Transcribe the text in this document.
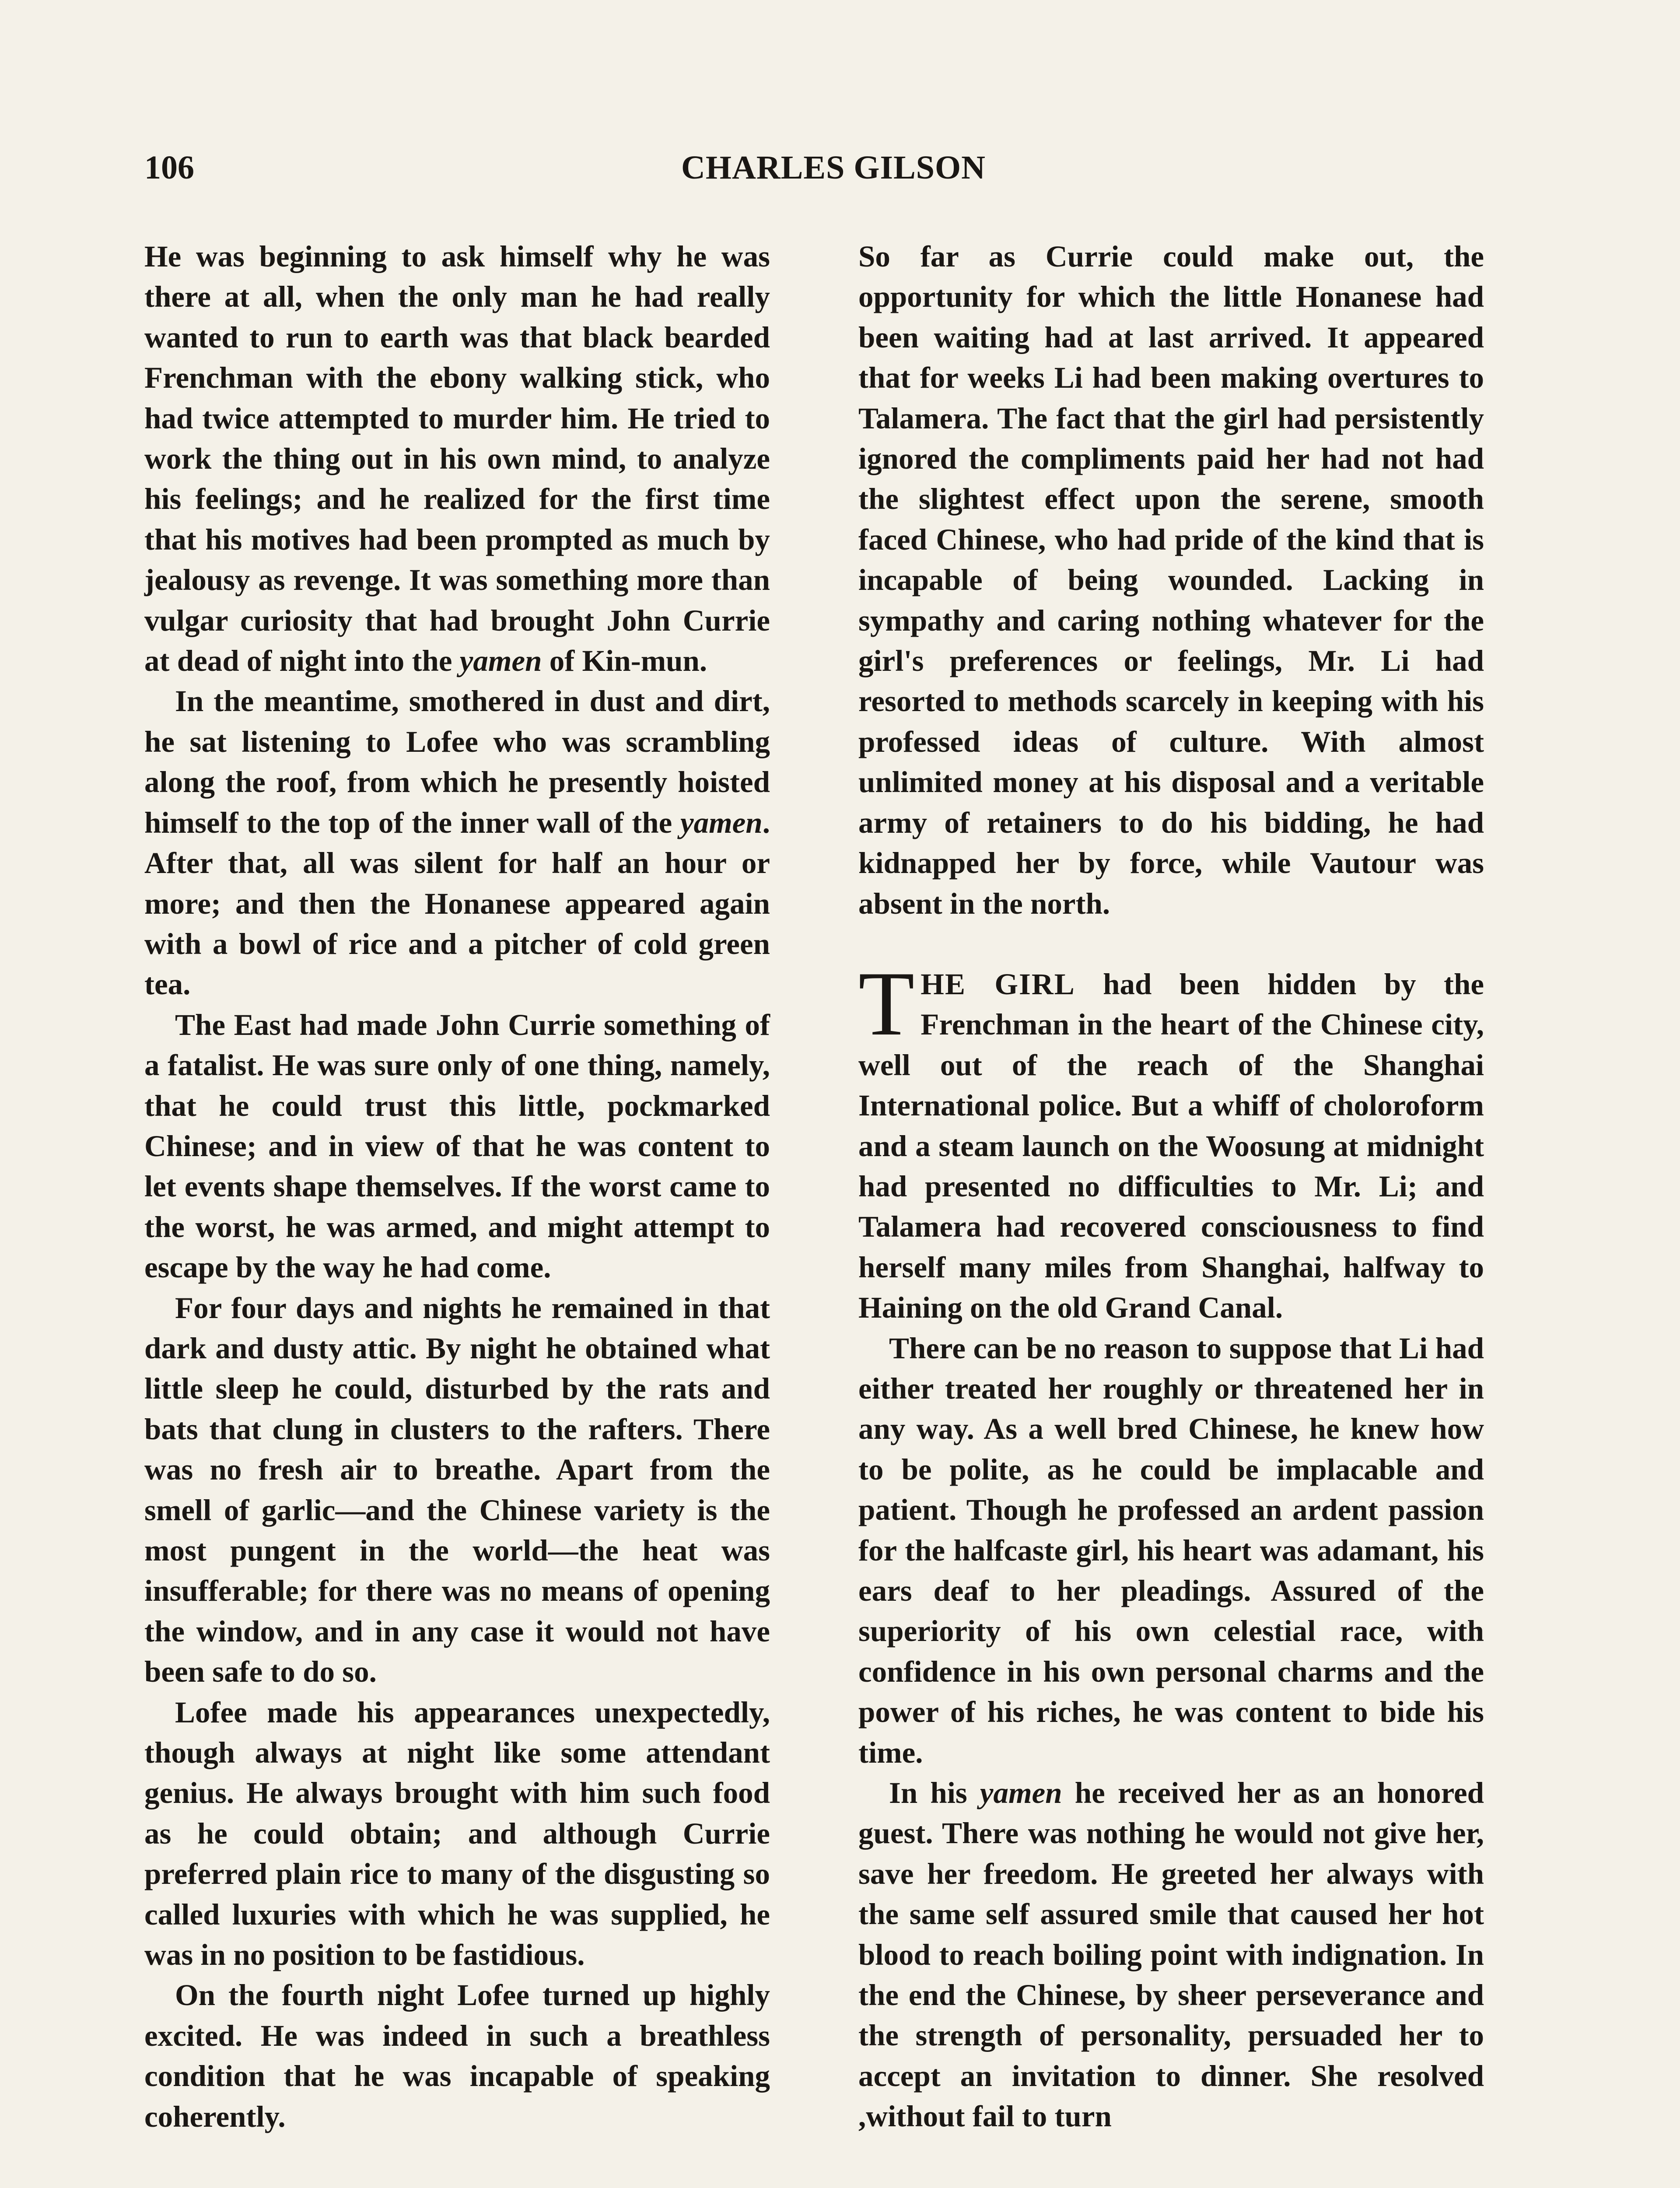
106	CHARLES GILSON

He was beginning to ask himself why he was there at all, when the only man he had really wanted to run to earth was that black bearded Frenchman with the ebony walking stick, who had twice attempted to murder him. He tried to work the thing out in his own mind, to analyze his feelings; and he realized for the first time that his motives had been prompted as much by jealousy as revenge. It was something more than vulgar curiosity that had brought John Currie at dead of night into the yamen of Kin-mun.

In the meantime, smothered in dust and dirt, he sat listening to Lofee who was scrambling along the roof, from which he presently hoisted himself to the top of the inner wall of the yamen. After that, all was silent for half an hour or more; and then the Honanese appeared again with a bowl of rice and a pitcher of cold green tea.

The East had made John Currie something of a fatalist. He was sure only of one thing, namely, that he could trust this little, pockmarked Chinese; and in view of that he was content to let events shape themselves. If the worst came to the worst, he was armed, and might attempt to escape by the way he had come.

For four days and nights he remained in that dark and dusty attic. By night he obtained what little sleep he could, disturbed by the rats and bats that clung in clusters to the rafters. There was no fresh air to breathe. Apart from the smell of garlic—and the Chinese variety is the most pungent in the world—the heat was insufferable; for there was no means of opening the window, and in any case it would not have been safe to do so.

Lofee made his appearances unexpectedly, though always at night like some attendant genius. He always brought with him such food as he could obtain; and although Currie preferred plain rice to many of the disgusting so called luxuries with which he was supplied, he was in no position to be fastidious.

On the fourth night Lofee turned up highly excited. He was indeed in such a breathless condition that he was incapable of speaking coherently.

So far as Currie could make out, the opportunity for which the little Honanese had been waiting had at last arrived. It appeared that for weeks Li had been making overtures to Talamera. The fact that the girl had persistently ignored the compliments paid her had not had the slightest effect upon the serene, smooth faced Chinese, who had pride of the kind that is incapable of being wounded. Lacking in sympathy and caring nothing whatever for the girl's preferences or feelings, Mr. Li had resorted to methods scarcely in keeping with his professed ideas of culture. With almost unlimited money at his disposal and a veritable army of retainers to do his bidding, he had kidnapped her by force, while Vautour was absent in the north.

THE GIRL had been hidden by the Frenchman in the heart of the Chinese city, well out of the reach of the Shanghai International police. But a whiff of choloroform and a steam launch on the Woosung at midnight had presented no difficulties to Mr. Li; and Talamera had recovered consciousness to find herself many miles from Shanghai, halfway to Haining on the old Grand Canal.

There can be no reason to suppose that Li had either treated her roughly or threatened her in any way. As a well bred Chinese, he knew how to be polite, as he could be implacable and patient. Though he professed an ardent passion for the halfcaste girl, his heart was adamant, his ears deaf to her pleadings. Assured of the superiority of his own celestial race, with confidence in his own personal charms and the power of his riches, he was content to bide his time.

In his yamen he received her as an honored guest. There was nothing he would not give her, save her freedom. He greeted her always with the same self assured smile that caused her hot blood to reach boiling point with indignation. In the end the Chinese, by sheer perseverance and the strength of personality, persuaded her to accept an invitation to dinner. She resolved ,without fail to turn
